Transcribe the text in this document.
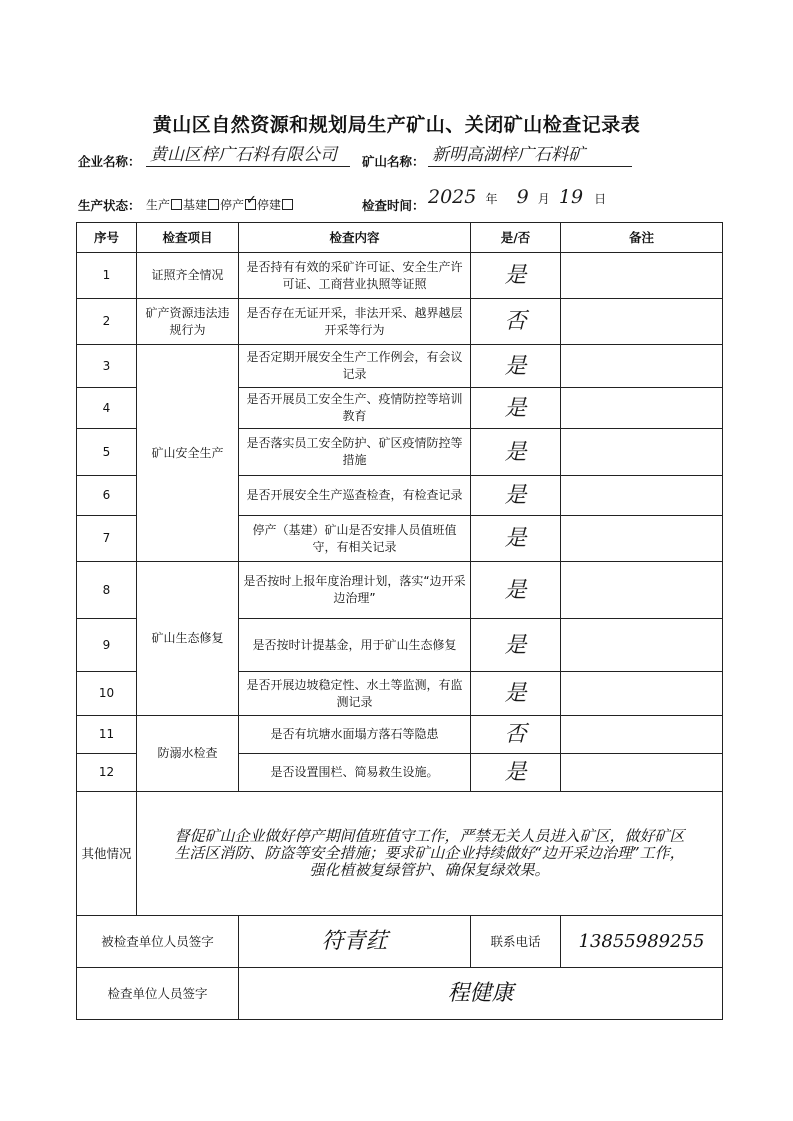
黄山区自然资源和规划局生产矿山、关闭矿山检查记录表
企业名称： 黄山区梓广石料有限公司	矿山名称： 新明高湖梓广石料矿
生产状态： 生产 基建 停产 ✓ 停建	检查时间： 2025 年 9 月 19 日
序号	检查项目	检查内容	是/否	备注
1	证照齐全情况	是否持有有效的采矿许可证、安全生产许可证、工商营业执照等证照	是	
2	矿产资源违法违规行为	是否存在无证开采，非法开采、越界越层开采等行为	否	
3	矿山安全生产	是否定期开展安全生产工作例会，有会议记录	是	
4		是否开展员工安全生产、疫情防控等培训教育	是	
5		是否落实员工安全防护、矿区疫情防控等措施	是	
6		是否开展安全生产巡查检查，有检查记录	是	
7		停产（基建）矿山是否安排人员值班值守，有相关记录	是	
8	矿山生态修复	是否按时上报年度治理计划，落实“边开采边治理”	是	
9		是否按时计提基金，用于矿山生态修复	是	
10		是否开展边坡稳定性、水土等监测，有监测记录	是	
11	防溺水检查	是否有坑塘水面塌方落石等隐患	否	
12		是否设置围栏、简易救生设施。	是	
其他情况	督促矿山企业做好停产期间值班值守工作，严禁无关人员进入矿区，做好矿区
生活区消防、防盗等安全措施；要求矿山企业持续做好“边开采边治理”工作，
强化植被复绿管护、确保复绿效果。			

被检查单位人员签字		符青荭	联系电话	13855989255
检查单位人员签字		程健康		
